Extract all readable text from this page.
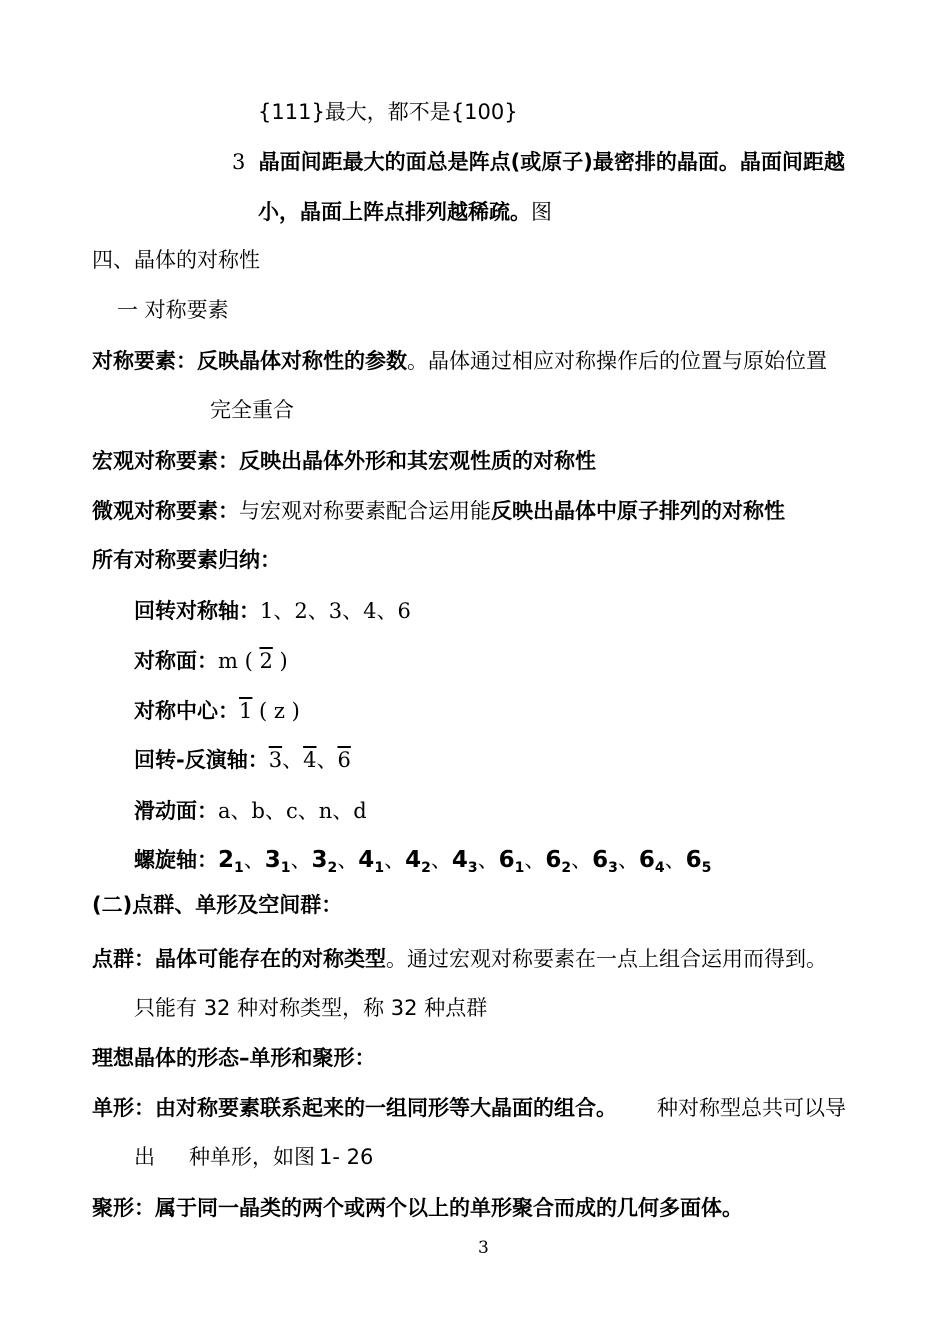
{111}最大，都不是{100}
3 晶面间距最大的面总是阵点(或原子)最密排的晶面。晶面间距越
小，晶面上阵点排列越稀疏。图
四、晶体的对称性
一 对称要素
对称要素：反映晶体对称性的参数。晶体通过相应对称操作后的位置与原始位置
完全重合
宏观对称要素：反映出晶体外形和其宏观性质的对称性
微观对称要素：与宏观对称要素配合运用能反映出晶体中原子排列的对称性
所有对称要素归纳：
回转对称轴：1、2、3、4、6
对称面：m ( 2 )
对称中心：1 ( z )
回转-反演轴：3、4、6
滑动面：a、b、c、n、d
螺旋轴：$2_1$、$3_1$、$3_2$、$4_1$、$4_2$、$4_3$、$6_1$、$6_2$、$6_3$、$6_4$、$6_5$
(二)点群、单形及空间群：
点群：晶体可能存在的对称类型。通过宏观对称要素在一点上组合运用而得到。
只能有 32 种对称类型，称 32 种点群
理想晶体的形态–单形和聚形：
单形：由对称要素联系起来的一组同形等大晶面的组合。 种对称型总共可以导
出 种单形，如图 1- 26
聚形：属于同一晶类的两个或两个以上的单形聚合而成的几何多面体。
3
